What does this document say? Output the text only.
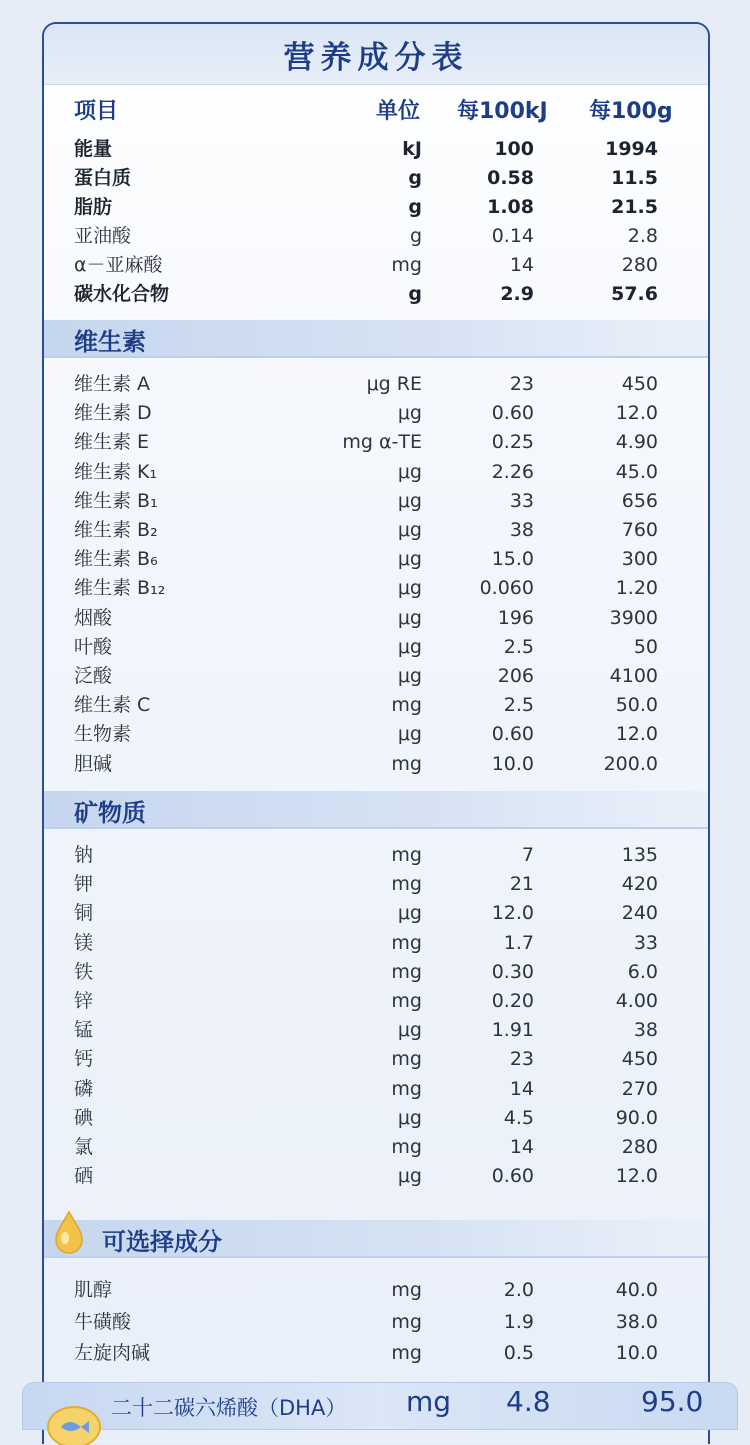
营养成分表
项目	单位 每100kJ 每100g
能量	kJ	100	1994
蛋白质	g	0.58	11.5
脂肪	g	1.08	21.5
亚油酸	g	0.14	2.8
α－亚麻酸	mg	14	280
碳水化合物	g	2.9	57.6
维生素
维生素 A	μg RE	23	450
维生素 D	μg	0.60	12.0
维生素 E	mg α-TE	0.25	4.90
维生素 K₁	μg	2.26	45.0
维生素 B₁	μg	33	656
维生素 B₂	μg	38	760
维生素 B₆	μg	15.0	300
维生素 B₁₂	μg	0.060	1.20
烟酸	μg	196	3900
叶酸	μg	2.5	50
泛酸	μg	206	4100
维生素 C	mg	2.5	50.0
生物素	μg	0.60	12.0
胆碱	mg	10.0	200.0
矿物质
钠	mg	7	135
钾	mg	21	420
铜	μg	12.0	240
镁	mg	1.7	33
铁	mg	0.30	6.0
锌	mg	0.20	4.00
锰	μg	1.91	38
钙	mg	23	450
磷	mg	14	270
碘	μg	4.5	90.0
氯	mg	14	280
硒	μg	0.60	12.0
可选择成分
肌醇	mg	2.0	40.0
牛磺酸	mg	1.9	38.0
左旋肉碱	mg	0.5	10.0
二十二碳六烯酸（DHA） mg 4.8	95.0
